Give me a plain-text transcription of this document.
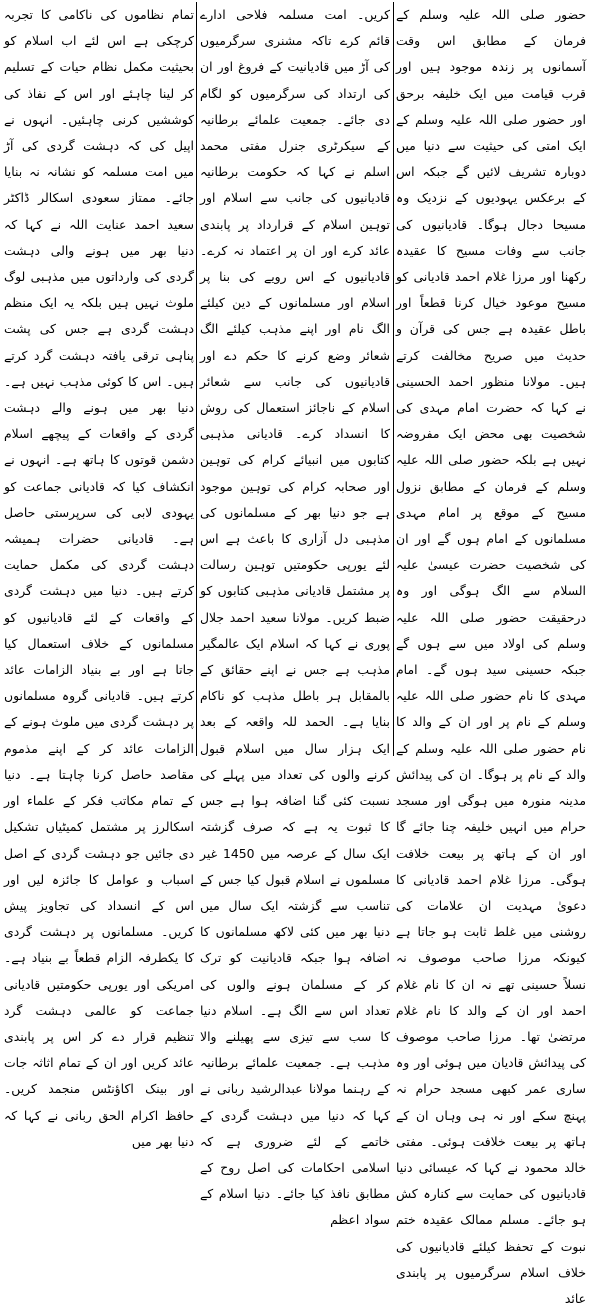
حضور صلی اللہ علیہ وسلم کے فرمان کے مطابق اس وقت آسمانوں پر زندہ موجود ہیں اور قرب قیامت میں ایک خلیفہ برحق اور حضور صلی اللہ علیہ وسلم کے ایک امتی کی حیثیت سے دنیا میں دوبارہ تشریف لائیں گے جبکہ اس کے برعکس یہودیوں کے نزدیک وہ مسیحا دجال ہوگا۔ قادیانیوں کی جانب سے وفات مسیح کا عقیدہ رکھنا اور مرزا غلام احمد قادیانی کو مسیح موعود خیال کرنا قطعاً اور باطل عقیدہ ہے جس کی قرآن و حدیث میں صریح مخالفت کرتے ہیں۔ مولانا منظور احمد الحسینی نے کہا کہ حضرت امام مہدی کی شخصیت بھی محض ایک مفروضہ نہیں ہے بلکہ حضور صلی اللہ علیہ وسلم کے فرمان کے مطابق نزول مسیح کے موقع پر امام مہدی مسلمانوں کے امام ہوں گے اور ان کی شخصیت حضرت عیسیٰ علیہ السلام سے الگ ہوگی اور وہ درحقیقت حضور صلی اللہ علیہ وسلم کی اولاد میں سے ہوں گے جبکہ حسینی سید ہوں گے۔ امام مہدی کا نام حضور صلی اللہ علیہ وسلم کے نام پر اور ان کے والد کا نام حضور صلی اللہ علیہ وسلم کے والد کے نام پر ہوگا۔ ان کی پیدائش مدینہ منورہ میں ہوگی اور مسجد حرام میں انہیں خلیفہ چنا جائے گا اور ان کے ہاتھ پر بیعت خلافت ہوگی۔ مرزا غلام احمد قادیانی کا دعویٰ مہدیت ان علامات کی روشنی میں غلط ثابت ہو جاتا ہے کیونکہ مرزا صاحب موصوف نہ نسلاً حسینی تھے نہ ان کا نام غلام احمد اور ان کے والد کا نام غلام مرتضیٰ تھا۔ مرزا صاحب موصوف کی پیدائش قادیان میں ہوئی اور وہ ساری عمر کبھی مسجد حرام نہ پہنچ سکے اور نہ ہی وہاں ان کے ہاتھ پر بیعت خلافت ہوئی۔ مفتی خالد محمود نے کہا کہ عیسائی دنیا قادیانیوں کی حمایت سے کنارہ کش ہو جائے۔ مسلم ممالک عقیدہ ختم نبوت کے تحفظ کیلئے قادیانیوں کی خلاف اسلام سرگرمیوں پر پابندی عائد

کریں۔ امت مسلمہ فلاحی ادارے قائم کرے تاکہ مشنری سرگرمیوں کی آڑ میں قادیانیت کے فروغ اور ان کی ارتداد کی سرگرمیوں کو لگام دی جائے۔ جمعیت علمائے برطانیہ کے سیکرٹری جنرل مفتی محمد اسلم نے کہا کہ حکومت برطانیہ قادیانیوں کی جانب سے اسلام اور توہین اسلام کے قرارداد پر پابندی عائد کرے اور ان پر اعتماد نہ کرے۔ قادیانیوں کے اس رویے کی بنا پر اسلام اور مسلمانوں کے دین کیلئے الگ نام اور اپنے مذہب کیلئے الگ شعائر وضع کرنے کا حکم دے اور قادیانیوں کی جانب سے شعائر اسلام کے ناجائز استعمال کی روش کا انسداد کرے۔ قادیانی مذہبی کتابوں میں انبیائے کرام کی توہین اور صحابہ کرام کی توہین موجود ہے جو دنیا بھر کے مسلمانوں کی مذہبی دل آزاری کا باعث ہے اس لئے یورپی حکومتیں توہین رسالت پر مشتمل قادیانی مذہبی کتابوں کو ضبط کریں۔ مولانا سعید احمد جلال پوری نے کہا کہ اسلام ایک عالمگیر مذہب ہے جس نے اپنے حقائق کے بالمقابل ہر باطل مذہب کو ناکام بنایا ہے۔ الحمد للہ واقعہ کے بعد ایک ہزار سال میں اسلام قبول کرنے والوں کی تعداد میں پہلے کی نسبت کئی گنا اضافہ ہوا ہے جس کا ثبوت یہ ہے کہ صرف گزشتہ ایک سال کے عرصہ میں 1450 غیر مسلموں نے اسلام قبول کیا جس کے تناسب سے گزشتہ ایک سال میں دنیا بھر میں کئی لاکھ مسلمانوں کا اضافہ ہوا جبکہ قادیانیت کو ترک کر کے مسلمان ہونے والوں کی تعداد اس سے الگ ہے۔ اسلام دنیا کا سب سے تیزی سے پھیلنے والا مذہب ہے۔ جمعیت علمائے برطانیہ کے رہنما مولانا عبدالرشید ربانی نے کہا کہ دنیا میں دہشت گردی کے خاتمے کے لئے ضروری ہے کہ اسلامی احکامات کی اصل روح کے مطابق نافذ کیا جائے۔ دنیا اسلام کے سواد اعظم

تمام نظاموں کی ناکامی کا تجربہ کرچکی ہے اس لئے اب اسلام کو بحیثیت مکمل نظام حیات کے تسلیم کر لینا چاہئے اور اس کے نفاذ کی کوششیں کرنی چاہئیں۔ انہوں نے اپیل کی کہ دہشت گردی کی آڑ میں امت مسلمہ کو نشانہ نہ بنایا جائے۔ ممتاز سعودی اسکالر ڈاکٹر سعید احمد عنایت اللہ نے کہا کہ دنیا بھر میں ہونے والی دہشت گردی کی وارداتوں میں مذہبی لوگ ملوث نہیں ہیں بلکہ یہ ایک منظم دہشت گردی ہے جس کی پشت پناہی ترقی یافتہ دہشت گرد کرتے ہیں۔ اس کا کوئی مذہب نہیں ہے۔ دنیا بھر میں ہونے والے دہشت گردی کے واقعات کے پیچھے اسلام دشمن قوتوں کا ہاتھ ہے۔ انہوں نے انکشاف کیا کہ قادیانی جماعت کو یہودی لابی کی سرپرستی حاصل ہے۔ قادیانی حضرات ہمیشہ دہشت گردی کی مکمل حمایت کرتے ہیں۔ دنیا میں دہشت گردی کے واقعات کے لئے قادیانیوں کو مسلمانوں کے خلاف استعمال کیا جاتا ہے اور بے بنیاد الزامات عائد کرتے ہیں۔ قادیانی گروہ مسلمانوں پر دہشت گردی میں ملوث ہونے کے الزامات عائد کر کے اپنے مذموم مقاصد حاصل کرنا چاہتا ہے۔ دنیا کے تمام مکاتب فکر کے علماء اور اسکالرز پر مشتمل کمیٹیاں تشکیل دی جائیں جو دہشت گردی کے اصل اسباب و عوامل کا جائزہ لیں اور اس کے انسداد کی تجاویز پیش کریں۔ مسلمانوں پر دہشت گردی کا یکطرفہ الزام قطعاً بے بنیاد ہے۔ امریکی اور یورپی حکومتیں قادیانی جماعت کو عالمی دہشت گرد تنظیم قرار دے کر اس پر پابندی عائد کریں اور ان کے تمام اثاثہ جات اور بینک اکاؤنٹس منجمد کریں۔ حافظ اکرام الحق ربانی نے کہا کہ دنیا بھر میں
